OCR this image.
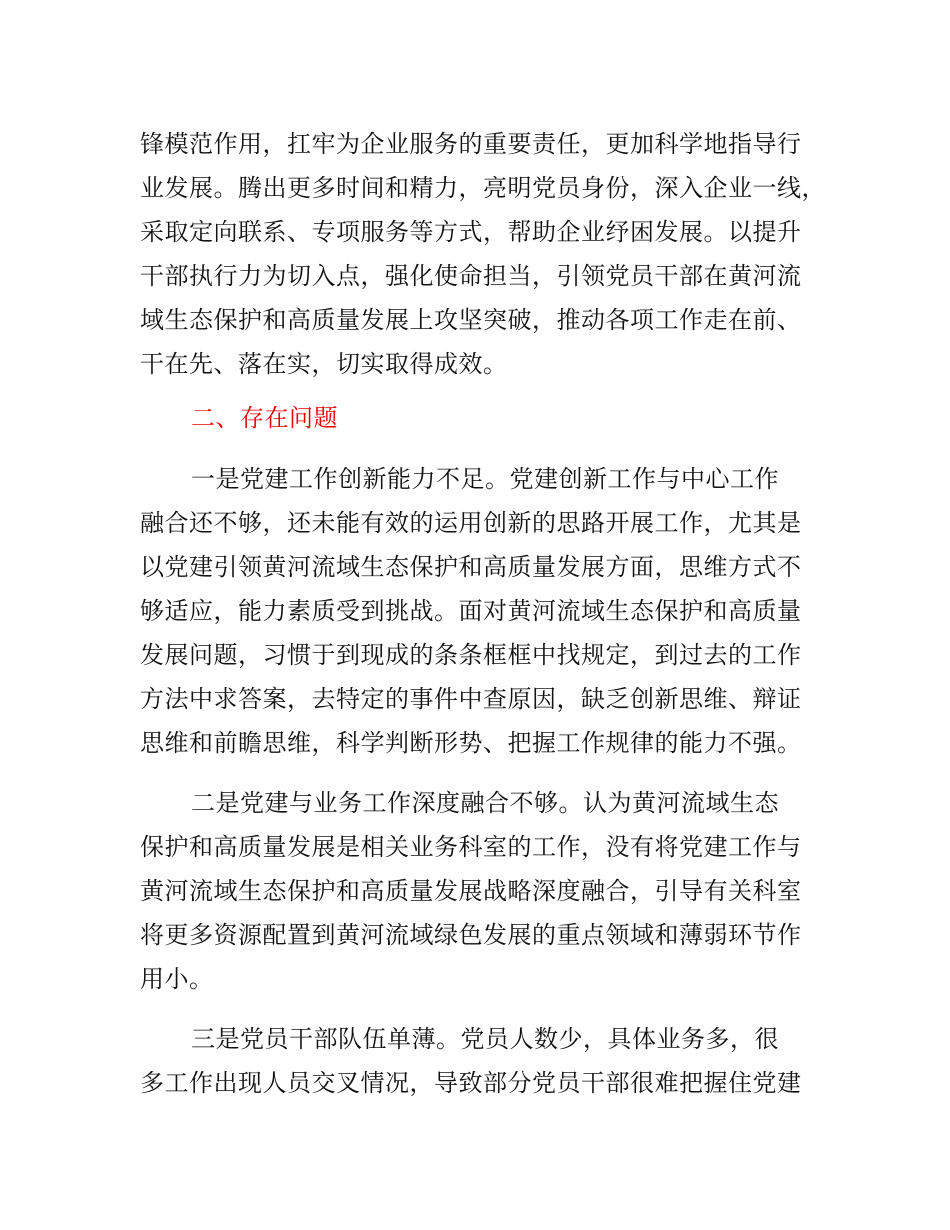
锋模范作用，扛牢为企业服务的重要责任，更加科学地指导行
业发展。腾出更多时间和精力，亮明党员身份，深入企业一线，
采取定向联系、专项服务等方式，帮助企业纾困发展。以提升
干部执行力为切入点，强化使命担当，引领党员干部在黄河流
域生态保护和高质量发展上攻坚突破，推动各项工作走在前、
干在先、落在实，切实取得成效。
二、存在问题
一是党建工作创新能力不足。党建创新工作与中心工作
融合还不够，还未能有效的运用创新的思路开展工作，尤其是
以党建引领黄河流域生态保护和高质量发展方面，思维方式不
够适应，能力素质受到挑战。面对黄河流域生态保护和高质量
发展问题，习惯于到现成的条条框框中找规定，到过去的工作
方法中求答案，去特定的事件中查原因，缺乏创新思维、辩证
思维和前瞻思维，科学判断形势、把握工作规律的能力不强。
二是党建与业务工作深度融合不够。认为黄河流域生态
保护和高质量发展是相关业务科室的工作，没有将党建工作与
黄河流域生态保护和高质量发展战略深度融合，引导有关科室
将更多资源配置到黄河流域绿色发展的重点领域和薄弱环节作
用小。
三是党员干部队伍单薄。党员人数少，具体业务多，很
多工作出现人员交叉情况，导致部分党员干部很难把握住党建
